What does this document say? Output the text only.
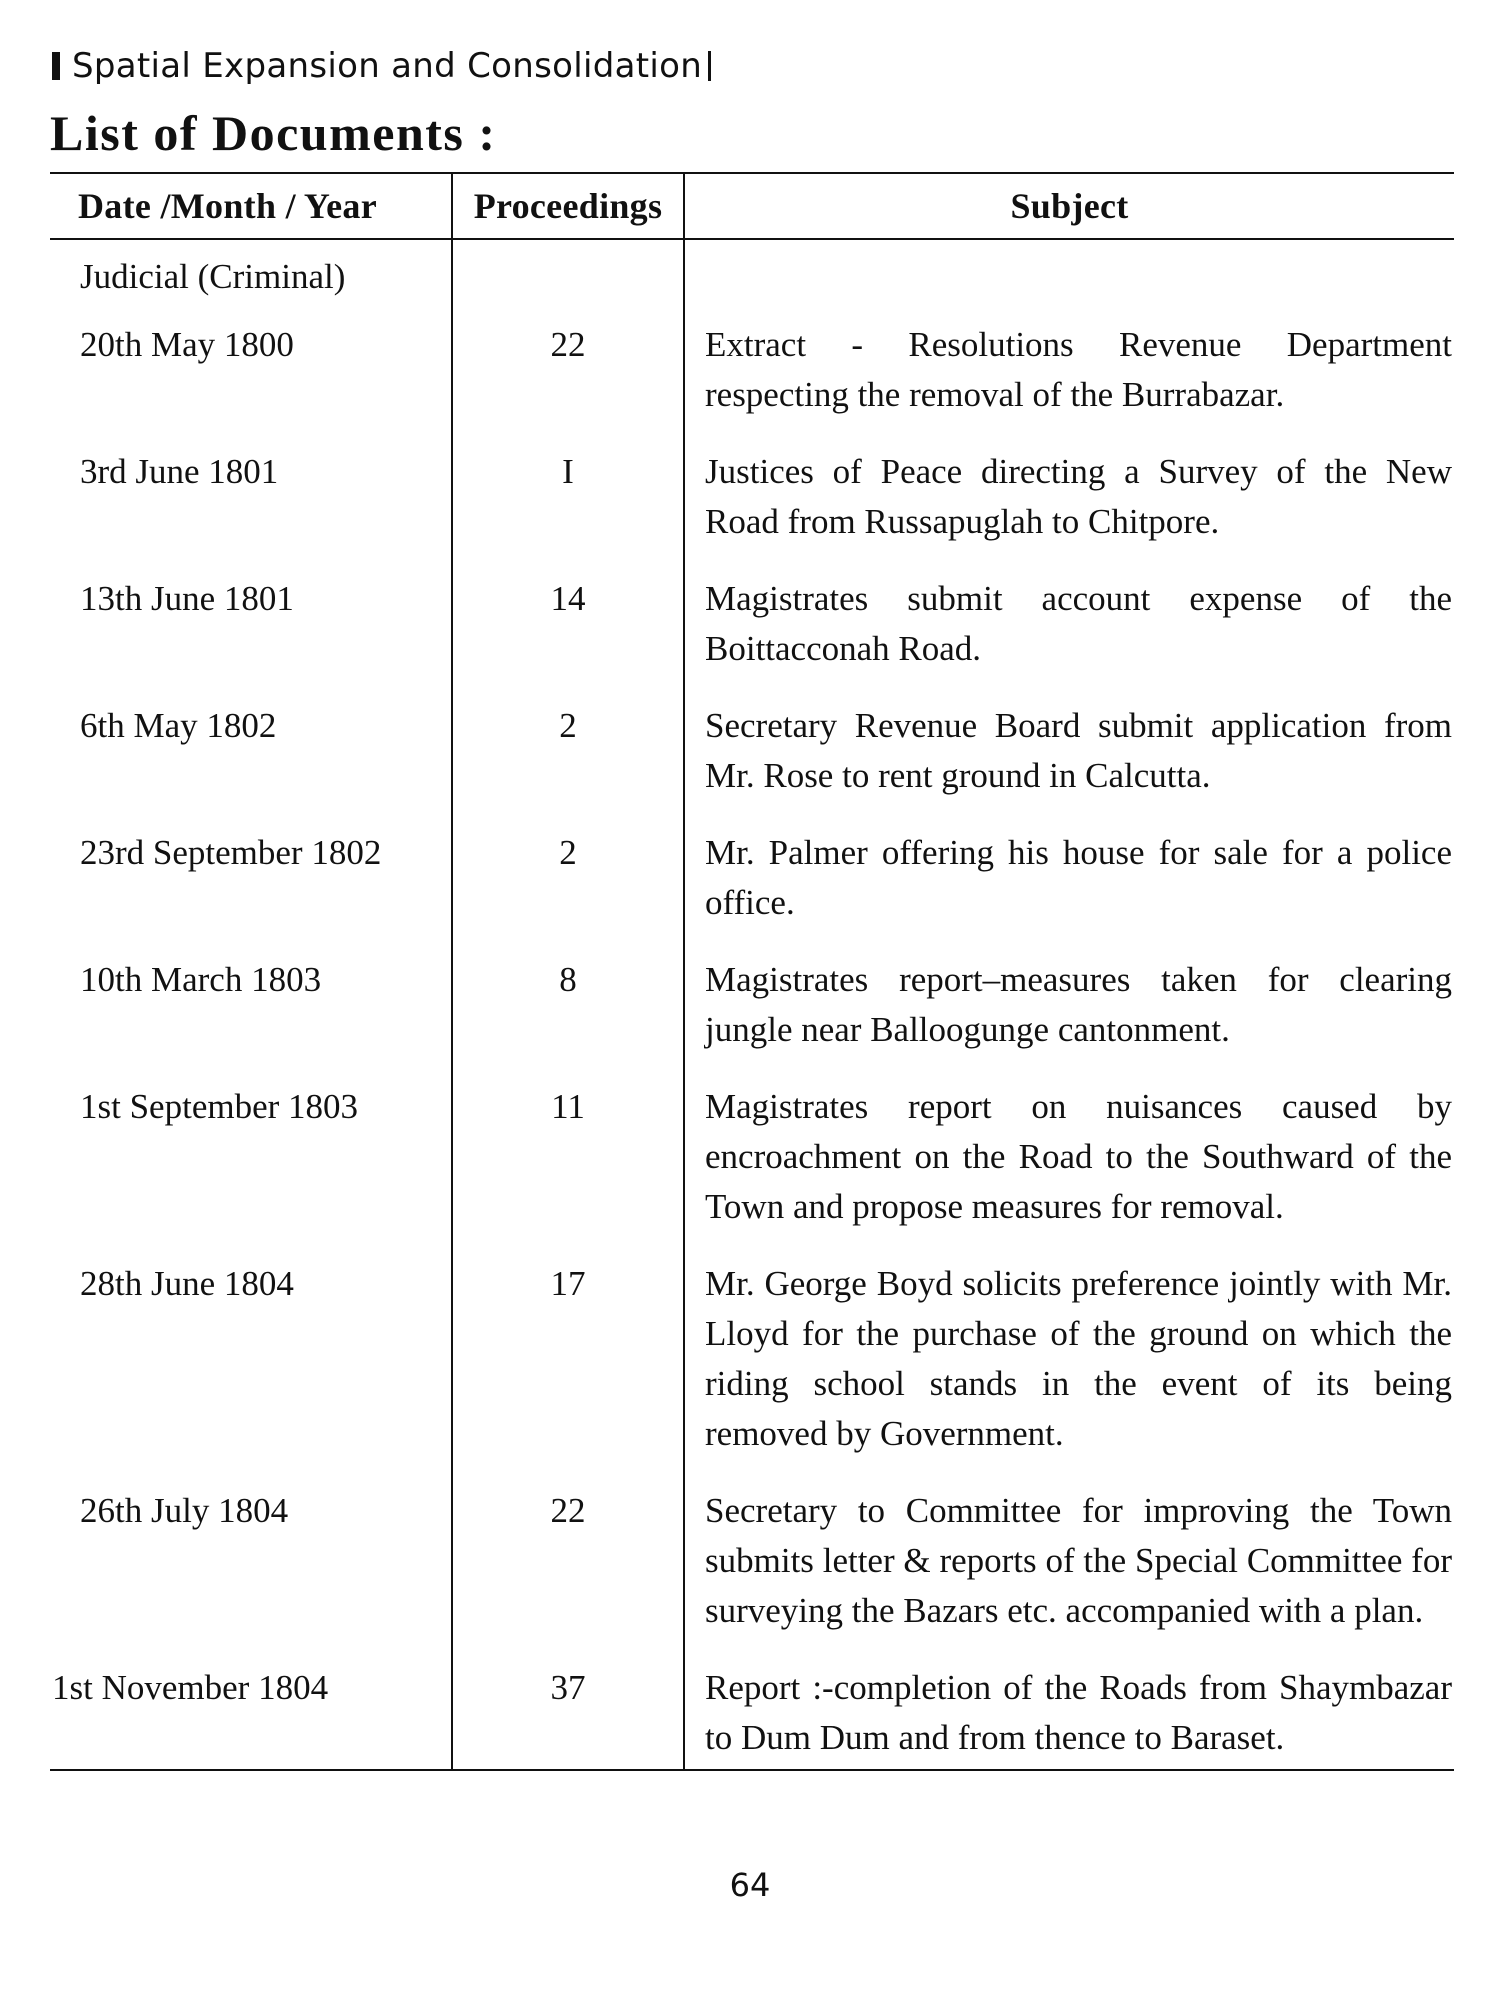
Spatial Expansion and Consolidation
List of Documents :
Date /Month / Year	Proceedings	Subject
Judicial (Criminal)		
20th May 1800	22	Extract - Resolutions Revenue Department respecting the removal of the Burrabazar.
3rd June 1801	I	Justices of Peace directing a Survey of the New Road from Russapuglah to Chitpore.
13th June 1801	14	Magistrates submit account expense of the Boittacconah Road.
6th May 1802	2	Secretary Revenue Board submit application from Mr. Rose to rent ground in Calcutta.
23rd September 1802	2	Mr. Palmer offering his house for sale for a police office.
10th March 1803	8	Magistrates report–measures taken for clearing jungle near Balloogunge cantonment.
1st September 1803	11	Magistrates report on nuisances caused by encroachment on the Road to the Southward of the Town and propose measures for removal.
28th June 1804	17	Mr. George Boyd solicits preference jointly with Mr. Lloyd for the purchase of the ground on which the riding school stands in the event of its being removed by Government.
26th July 1804	22	Secretary to Committee for improving the Town submits letter & reports of the Special Committee for surveying the Bazars etc. accompanied with a plan.
1st November 1804	37	Report :-completion of the Roads from Shaymbazar to Dum Dum and from thence to Baraset.
64
